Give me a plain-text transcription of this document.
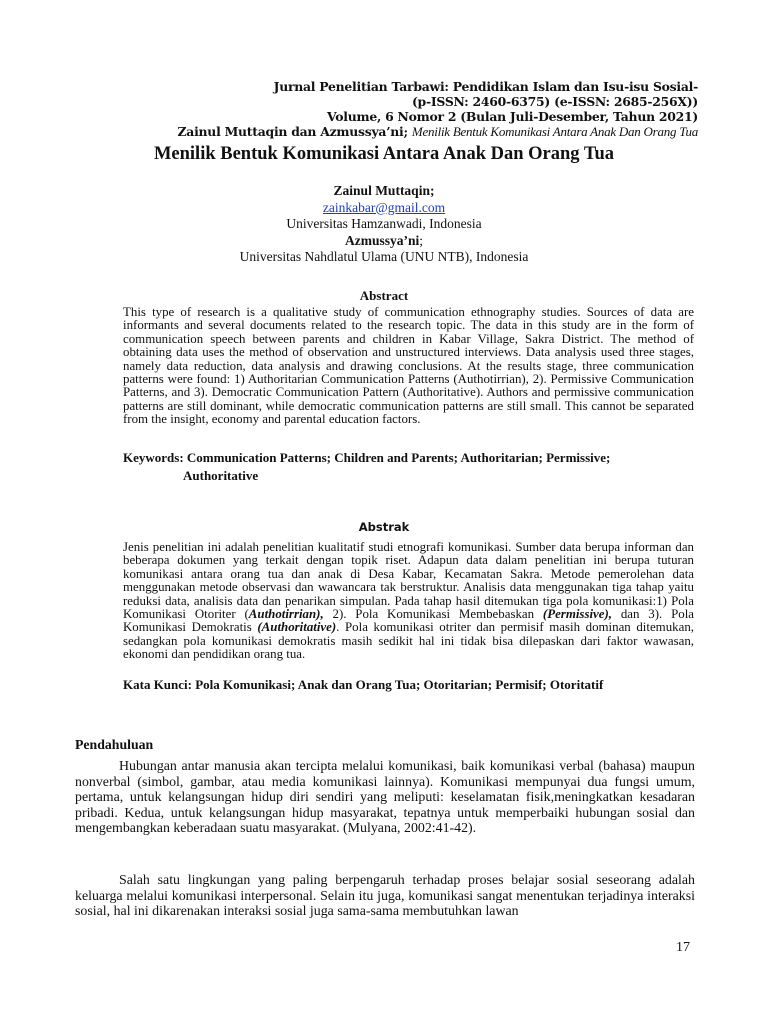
Jurnal Penelitian Tarbawi: Pendidikan Islam dan Isu-isu Sosial-
(p-ISSN: 2460-6375) (e-ISSN: 2685-256X))
Volume, 6 Nomor 2 (Bulan Juli-Desember, Tahun 2021)
Zainul Muttaqin dan Azmussya’ni; Menilik Bentuk Komunikasi Antara Anak Dan Orang Tua
Menilik Bentuk Komunikasi Antara Anak Dan Orang Tua
Zainul Muttaqin;
zainkabar@gmail.com
Universitas Hamzanwadi, Indonesia
Azmussya’ni;
Universitas Nahdlatul Ulama (UNU NTB), Indonesia
Abstract
This type of research is a qualitative study of communication ethnography studies. Sources of data are informants and several documents related to the research topic. The data in this study are in the form of communication speech between parents and children in Kabar Village, Sakra District. The method of obtaining data uses the method of observation and unstructured interviews. Data analysis used three stages, namely data reduction, data analysis and drawing conclusions. At the results stage, three communication patterns were found: 1) Authoritarian Communication Patterns (Authotirrian), 2). Permissive Communication Patterns, and 3). Democratic Communication Pattern (Authoritative). Authors and permissive communication patterns are still dominant, while democratic communication patterns are still small. This cannot be separated from the insight, economy and parental education factors.
Keywords: Communication Patterns; Children and Parents; Authoritarian; Permissive;
Authoritative
Abstrak
Jenis penelitian ini adalah penelitian kualitatif studi etnografi komunikasi. Sumber data berupa informan dan beberapa dokumen yang terkait dengan topik riset. Adapun data dalam penelitian ini berupa tuturan komunikasi antara orang tua dan anak di Desa Kabar, Kecamatan Sakra. Metode pemerolehan data menggunakan metode observasi dan wawancara tak berstruktur. Analisis data menggunakan tiga tahap yaitu reduksi data, analisis data dan penarikan simpulan. Pada tahap hasil ditemukan tiga pola komunikasi:1) Pola Komunikasi Otoriter (Authotirrian), 2). Pola Komunikasi Membebaskan (Permissive), dan 3). Pola Komunikasi Demokratis (Authoritative). Pola komunikasi otriter dan permisif masih dominan ditemukan, sedangkan pola komunikasi demokratis masih sedikit hal ini tidak bisa dilepaskan dari faktor wawasan, ekonomi dan pendidikan orang tua.
Kata Kunci: Pola Komunikasi; Anak dan Orang Tua; Otoritarian; Permisif; Otoritatif
Pendahuluan

Hubungan antar manusia akan tercipta melalui komunikasi, baik komunikasi verbal (bahasa) maupun nonverbal (simbol, gambar, atau media komunikasi lainnya). Komunikasi mempunyai dua fungsi umum, pertama, untuk kelangsungan hidup diri sendiri yang meliputi: keselamatan fisik,meningkatkan kesadaran pribadi. Kedua, untuk kelangsungan hidup masyarakat, tepatnya untuk memperbaiki hubungan sosial dan mengembangkan keberadaan suatu masyarakat. (Mulyana, 2002:41-42).

Salah satu lingkungan yang paling berpengaruh terhadap proses belajar sosial seseorang adalah keluarga melalui komunikasi interpersonal. Selain itu juga, komunikasi sangat menentukan terjadinya interaksi sosial, hal ini dikarenakan interaksi sosial juga sama-sama membutuhkan lawan

17
